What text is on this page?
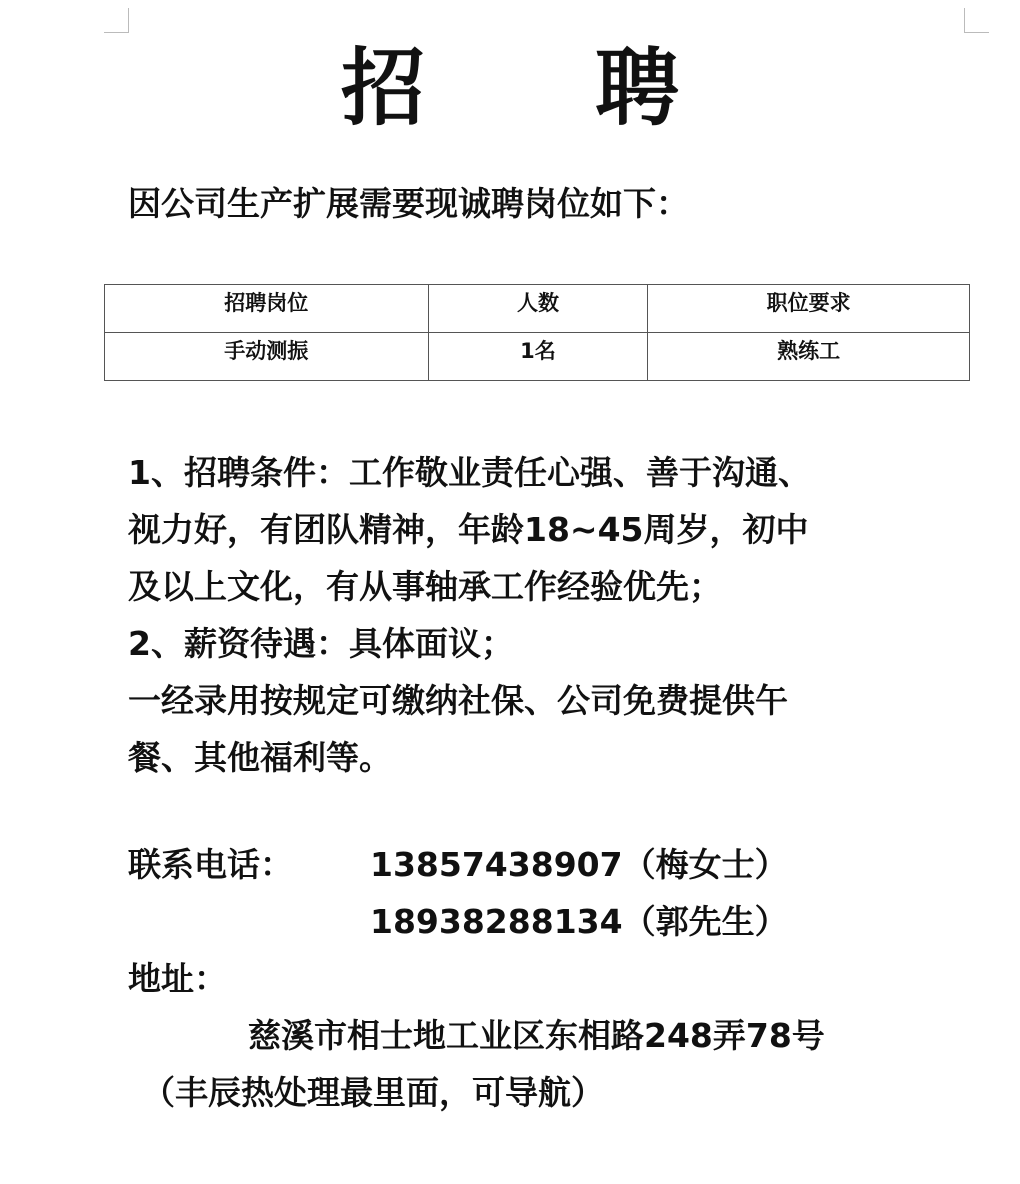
招 聘
因公司生产扩展需要现诚聘岗位如下：
招聘岗位	人数	职位要求
手动测振	1名	熟练工
1、招聘条件：工作敬业责任心强、善于沟通、
视力好，有团队精神，年龄18~45周岁，初中
及以上文化，有从事轴承工作经验优先；
2、薪资待遇：具体面议；
一经录用按规定可缴纳社保、公司免费提供午
餐、其他福利等。
联系电话： 13857438907（梅女士）
18938288134（郭先生）
地址：
慈溪市相士地工业区东相路248弄78号
（丰辰热处理最里面，可导航）
